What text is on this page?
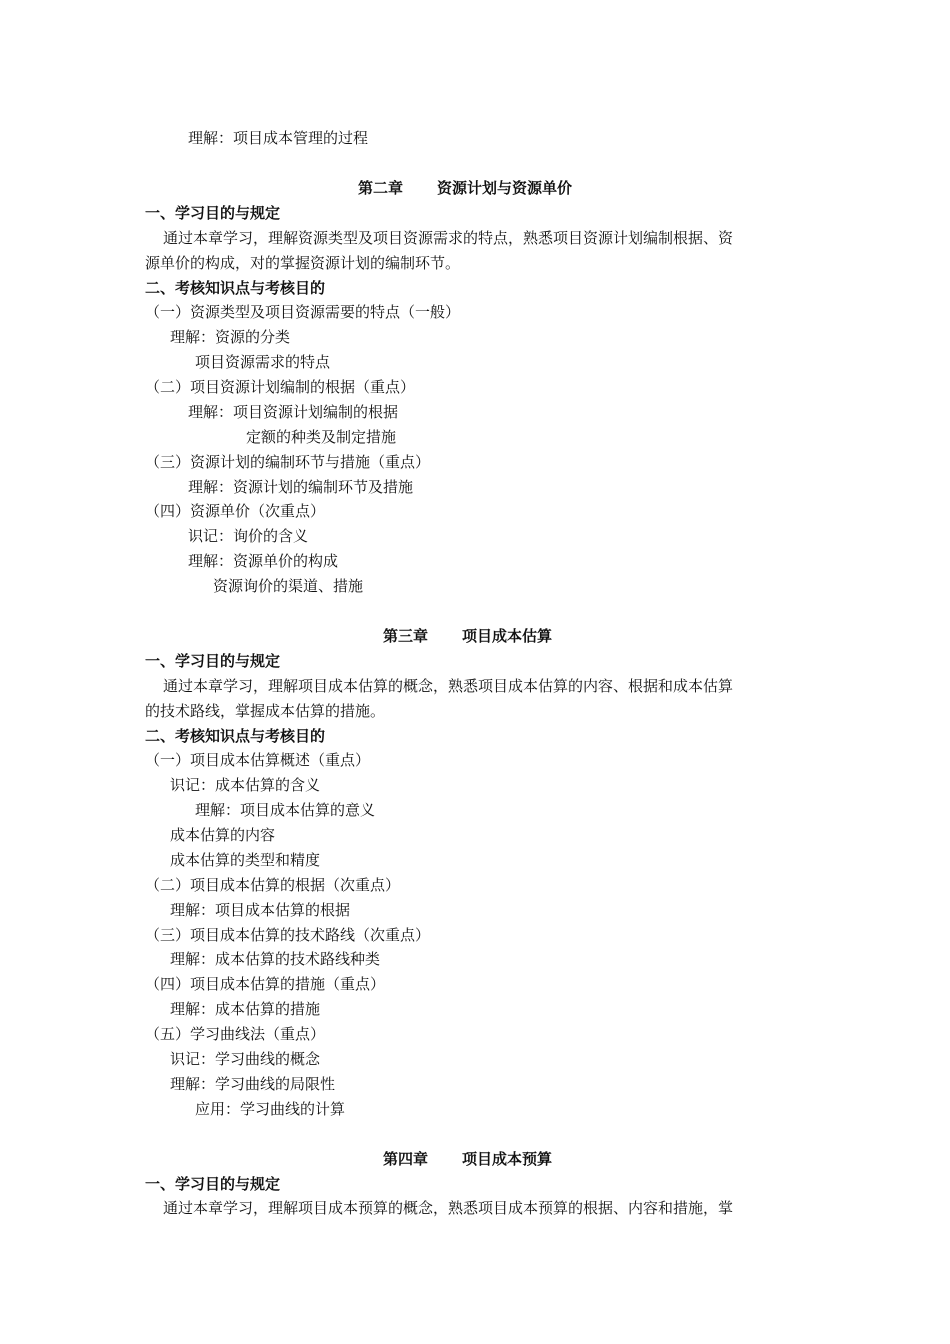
理解：项目成本管理的过程
第二章 资源计划与资源单价
一、学习目的与规定
通过本章学习，理解资源类型及项目资源需求的特点，熟悉项目资源计划编制根据、资
源单价的构成，对的掌握资源计划的编制环节。
二、考核知识点与考核目的
（一）资源类型及项目资源需要的特点（一般）
理解：资源的分类
项目资源需求的特点
（二）项目资源计划编制的根据（重点）
理解：项目资源计划编制的根据
定额的种类及制定措施
（三）资源计划的编制环节与措施（重点）
理解：资源计划的编制环节及措施
（四）资源单价（次重点）
识记：询价的含义
理解：资源单价的构成
资源询价的渠道、措施
第三章 项目成本估算
一、学习目的与规定
通过本章学习，理解项目成本估算的概念，熟悉项目成本估算的内容、根据和成本估算
的技术路线，掌握成本估算的措施。
二、考核知识点与考核目的
（一）项目成本估算概述（重点）
识记：成本估算的含义
理解：项目成本估算的意义
成本估算的内容
成本估算的类型和精度
（二）项目成本估算的根据（次重点）
理解：项目成本估算的根据
（三）项目成本估算的技术路线（次重点）
理解：成本估算的技术路线种类
（四）项目成本估算的措施（重点）
理解：成本估算的措施
（五）学习曲线法（重点）
识记：学习曲线的概念
理解：学习曲线的局限性
应用：学习曲线的计算
第四章 项目成本预算
一、学习目的与规定
通过本章学习，理解项目成本预算的概念，熟悉项目成本预算的根据、内容和措施，掌
